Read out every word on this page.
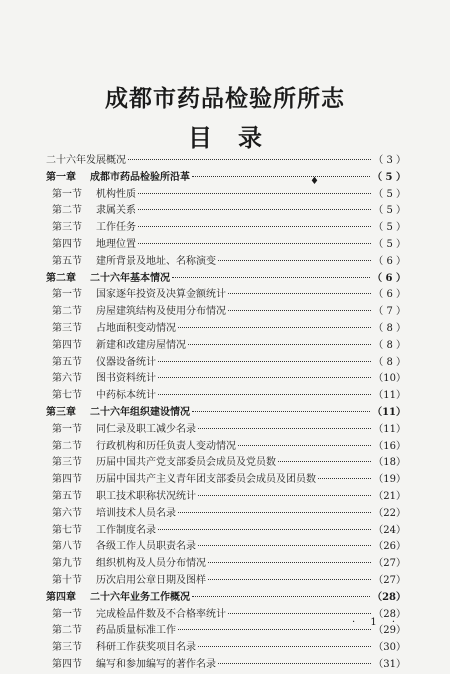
成都市药品检验所所志
目录
♦
二十六年发展概况	（ 3 ）
第一章	成都市药品检验所沿革	（ 5 ）
第一节	机构性质	（ 5 ）
第二节	隶属关系	（ 5 ）
第三节	工作任务	（ 5 ）
第四节	地理位置	（ 5 ）
第五节	建所背景及地址、名称演变	（ 6 ）
第二章	二十六年基本情况	（ 6 ）
第一节	国家逐年投资及决算金额统计	（ 6 ）
第二节	房屋建筑结构及使用分布情况	（ 7 ）
第三节	占地面积变动情况	（ 8 ）
第四节	新建和改建房屋情况	（ 8 ）
第五节	仪器设备统计	（ 8 ）
第六节	图书资料统计	（10）
第七节	中药标本统计	（11）
第三章	二十六年组织建设情况	（11）
第一节	同仁录及职工减少名录	（11）
第二节	行政机构和历任负责人变动情况	（16）
第三节	历届中国共产党支部委员会成员及党员数	（18）
第四节	历届中国共产主义青年团支部委员会成员及团员数	（19）
第五节	职工技术职称状况统计	（21）
第六节	培训技术人员名录	（22）
第七节	工作制度名录	（24）
第八节	各级工作人员职责名录	（26）
第九节	组织机构及人员分布情况	（27）
第十节	历次启用公章日期及图样	（27）
第四章	二十六年业务工作概况	（28）
第一节	完成检品件数及不合格率统计	（28）
第二节	药品质量标准工作	（29）
第三节	科研工作获奖项目名录	（30）
第四节	编写和参加编写的著作名录	（31）
· 1 ·
